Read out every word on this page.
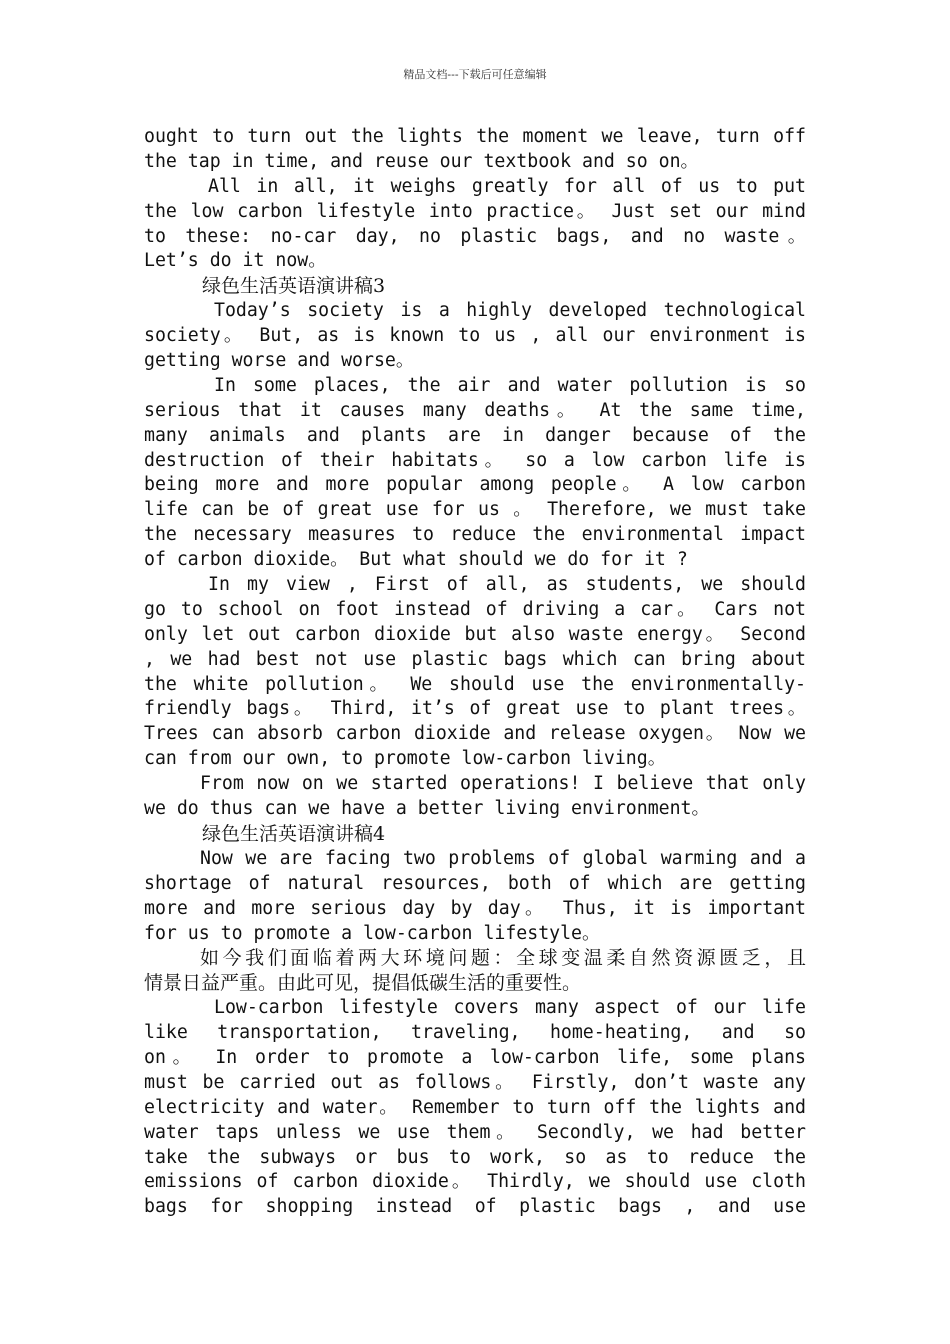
精品文档---下载后可任意编辑
ought to turn out the lights the moment we leave, turn off
the tap in time, and reuse our textbook and so on。
All in all, it weighs greatly for all of us to put
the low carbon lifestyle into practice。 Just set our mind
to these: no-car day, no plastic bags, and no waste。
Let’s do it now。
绿色生活英语演讲稿3
Today’s society is a highly developed technological
society。 But, as is known to us , all our environment is
getting worse and worse。
In some places, the air and water pollution is so
serious that it causes many deaths。 At the same time,
many animals and plants are in danger because of the
destruction of their habitats。 so a low carbon life is
being more and more popular among people。 A low carbon
life can be of great use for us 。 Therefore, we must take
the necessary measures to reduce the environmental impact
of carbon dioxide。 But what should we do for it ?
In my view , First of all, as students, we should
go to school on foot instead of driving a car。 Cars not
only let out carbon dioxide but also waste energy。 Second
, we had best not use plastic bags which can bring about
the white pollution。 We should use the environmentally-
friendly bags。 Third, it’s of great use to plant trees。
Trees can absorb carbon dioxide and release oxygen。 Now we
can from our own, to promote low-carbon living。
From now on we started operations! I believe that only
we do thus can we have a better living environment。
绿色生活英语演讲稿4
Now we are facing two problems of global warming and a
shortage of natural resources, both of which are getting
more and more serious day by day。 Thus, it is important
for us to promote a low-carbon lifestyle。
如今我们面临着两大环境问题：全球变温柔自然资源匮乏，且
情景日益严重。由此可见，提倡低碳生活的重要性。
Low-carbon lifestyle covers many aspect of our life
like transportation, traveling, home-heating, and so
on。 In order to promote a low-carbon life, some plans
must be carried out as follows。 Firstly, don’t waste any
electricity and water。 Remember to turn off the lights and
water taps unless we use them。 Secondly, we had better
take the subways or bus to work, so as to reduce the
emissions of carbon dioxide。 Thirdly, we should use cloth
bags for shopping instead of plastic bags , and use
